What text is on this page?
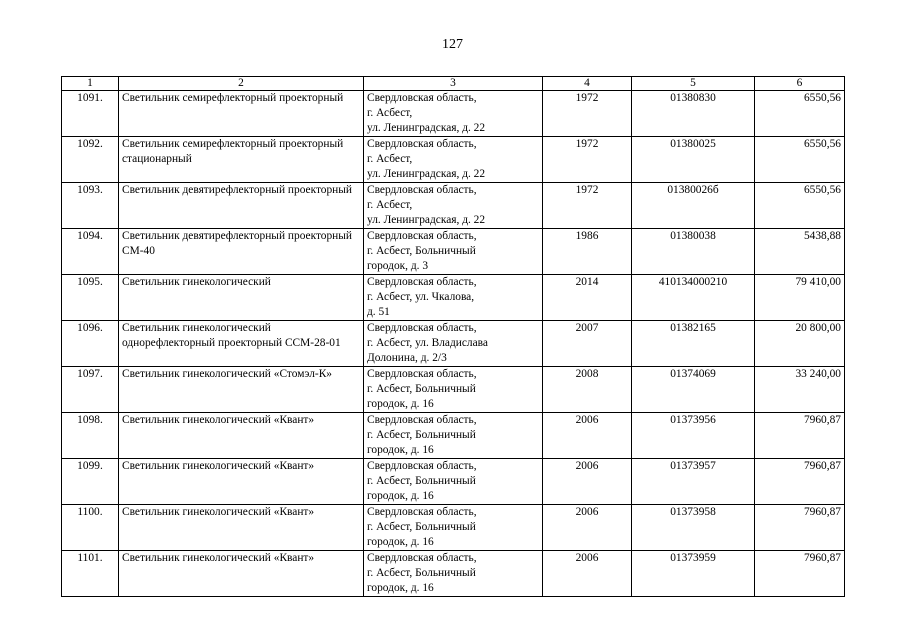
127
1	2	3	4	5	6
1091.	Светильник семирефлекторный проекторный	Свердловская область,
г. Асбест,
ул. Ленинградская, д. 22	1972	01380830	6550,56
1092.	Светильник семирефлекторный проекторный стационарный	Свердловская область,
г. Асбест,
ул. Ленинградская, д. 22	1972	01380025	6550,56
1093.	Светильник девятирефлекторный проекторный	Свердловская область,
г. Асбест,
ул. Ленинградская, д. 22	1972	01380026б	6550,56
1094.	Светильник девятирефлекторный проекторный СМ-40	Свердловская область,
г. Асбест, Больничный
городок, д. 3	1986	01380038	5438,88
1095.	Светильник гинекологический	Свердловская область,
г. Асбест, ул. Чкалова,
д. 51	2014	410134000210	79 410,00
1096.	Светильник гинекологический однорефлекторный проекторный ССМ-28-01	Свердловская область,
г. Асбест, ул. Владислава
Долонина, д. 2/3	2007	01382165	20 800,00
1097.	Светильник гинекологический «Стомэл-К»	Свердловская область,
г. Асбест, Больничный
городок, д. 16	2008	01374069	33 240,00
1098.	Светильник гинекологический «Квант»	Свердловская область,
г. Асбест, Больничный
городок, д. 16	2006	01373956	7960,87
1099.	Светильник гинекологический «Квант»	Свердловская область,
г. Асбест, Больничный
городок, д. 16	2006	01373957	7960,87
1100.	Светильник гинекологический «Квант»	Свердловская область,
г. Асбест, Больничный
городок, д. 16	2006	01373958	7960,87
1101.	Светильник гинекологический «Квант»	Свердловская область,
г. Асбест, Больничный
городок, д. 16	2006	01373959	7960,87
